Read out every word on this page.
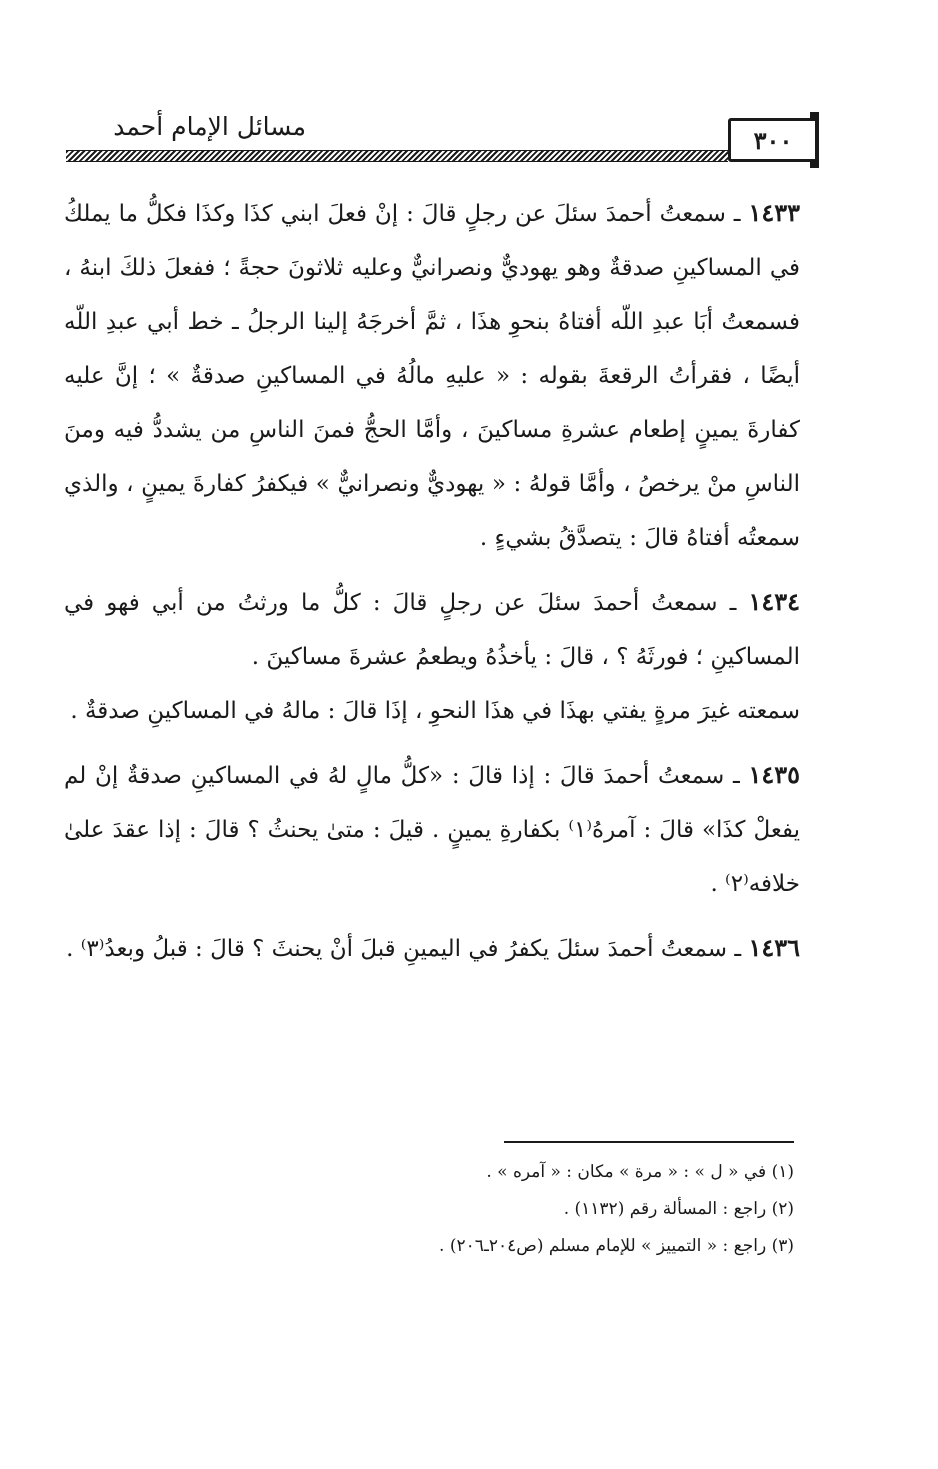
مسائل الإمام أحمد	٣٠٠

١٤٣٣ ـ سمعتُ أحمدَ سئلَ عن رجلٍ قالَ : إنْ فعلَ ابني كذَا وكذَا فكلُّ ما يملكُ في المساكينِ صدقةٌ وهو يهوديٌّ ونصرانيٌّ وعليه ثلاثونَ حجةً ؛ ففعلَ ذلكَ ابنهُ ، فسمعتُ أبَا عبدِ اللّه أفتاهُ بنحوِ هذَا ، ثمَّ أخرجَهُ إلينا الرجلُ ـ خط أبي عبدِ اللّه أيضًا ، فقرأتُ الرقعةَ بقوله : « عليهِ مالُهُ في المساكينِ صدقةٌ » ؛ إنَّ عليه كفارةَ يمينٍ إطعام عشرةِ مساكينَ ، وأمَّا الحجُّ فمنَ الناسِ من يشددُّ فيه ومنَ الناسِ منْ يرخصُ ، وأمَّا قولهُ : « يهوديٌّ ونصرانيٌّ » فيكفرُ كفارةَ يمينٍ ، والذي سمعتُه أفتاهُ قالَ : يتصدَّقُ بشيءٍ .

١٤٣٤ ـ سمعتُ أحمدَ سئلَ عن رجلٍ قالَ : كلُّ ما ورثتُ من أبي فهو في المساكينِ ؛ فورثَهُ ؟ ، قالَ : يأخذُهُ ويطعمُ عشرةَ مساكينَ .

سمعته غيرَ مرةٍ يفتي بهذَا في هذَا النحوِ ، إذَا قالَ : مالهُ في المساكينِ صدقةٌ .

١٤٣٥ ـ سمعتُ أحمدَ قالَ : إذا قالَ : «كلُّ مالٍ لهُ في المساكينِ صدقةٌ إنْ لم يفعلْ كذَا» قالَ : آمرهُ⁽١⁾ بكفارةِ يمينٍ . قيلَ : متىٰ يحنثُ ؟ قالَ : إذا عقدَ علىٰ خلافه⁽٢⁾ .

١٤٣٦ ـ سمعتُ أحمدَ سئلَ يكفرُ في اليمينِ قبلَ أنْ يحنثَ ؟ قالَ : قبلُ وبعدُ⁽٣⁾ .

(١) في « ل » : « مرة » مكان : « آمره » .

(٢) راجع : المسألة رقم (١١٣٢) .

(٣) راجع : « التمييز » للإمام مسلم (ص٢٠٤ـ٢٠٦) .
